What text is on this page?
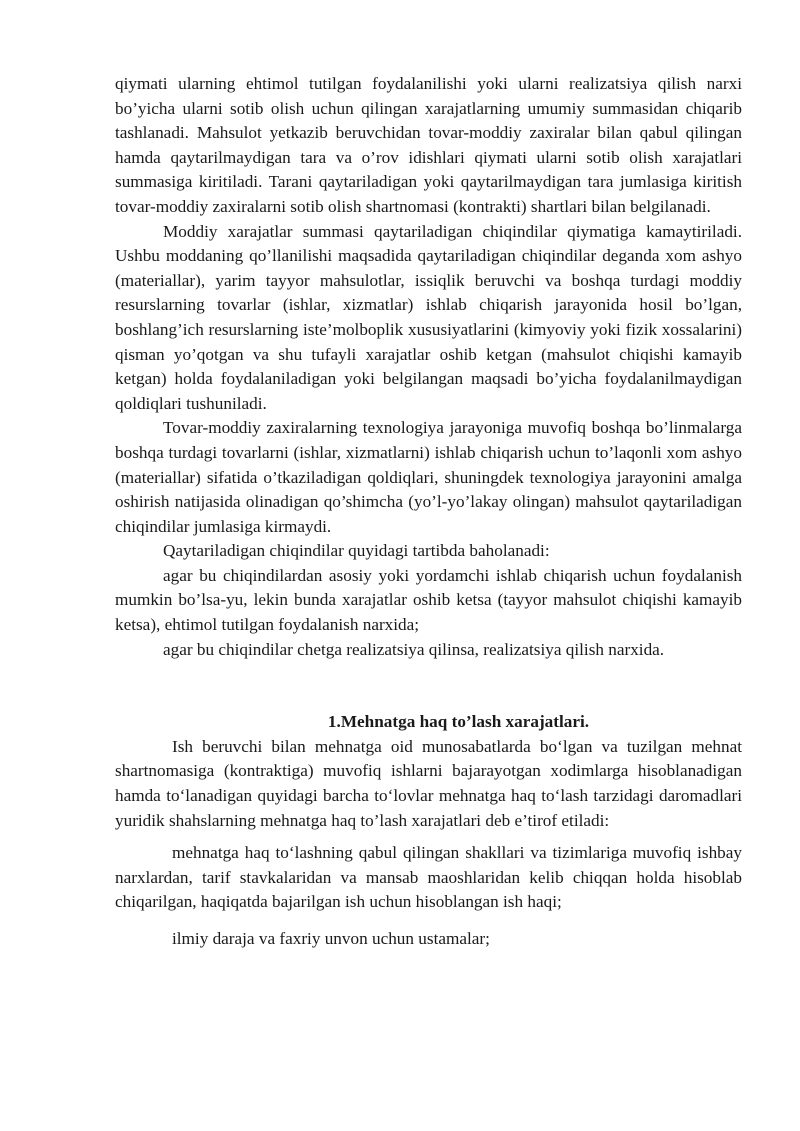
qiymati ularning ehtimol tutilgan foydalanilishi yoki ularni realizatsiya qilish narxi bo’yicha ularni sotib olish uchun qilingan xarajatlarning umumiy summasidan chiqarib tashlanadi. Mahsulot yetkazib beruvchidan tovar-moddiy zaxiralar bilan qabul qilingan hamda qaytarilmaydigan tara va o’rov idishlari qiymati ularni sotib olish xarajatlari summasiga kiritiladi. Tarani qaytariladigan yoki qaytarilmaydigan tara jumlasiga kiritish tovar-moddiy zaxiralarni sotib olish shartnomasi (kontrakti) shartlari bilan belgilanadi.

Moddiy xarajatlar summasi qaytariladigan chiqindilar qiymatiga kamaytiriladi. Ushbu moddaning qo’llanilishi maqsadida qaytariladigan chiqindilar deganda xom ashyo (materiallar), yarim tayyor mahsulotlar, issiqlik beruvchi va boshqa turdagi moddiy resurslarning tovarlar (ishlar, xizmatlar) ishlab chiqarish jarayonida hosil bo’lgan, boshlang’ich resurslarning iste’molboplik xususiyatlarini (kimyoviy yoki fizik xossalarini) qisman yo’qotgan va shu tufayli xarajatlar oshib ketgan (mahsulot chiqishi kamayib ketgan) holda foydalaniladigan yoki belgilangan maqsadi bo’yicha foydalanilmaydigan qoldiqlari tushuniladi.

Tovar-moddiy zaxiralarning texnologiya jarayoniga muvofiq boshqa bo’linmalarga boshqa turdagi tovarlarni (ishlar, xizmatlarni) ishlab chiqarish uchun to’laqonli xom ashyo (materiallar) sifatida o’tkaziladigan qoldiqlari, shuningdek texnologiya jarayonini amalga oshirish natijasida olinadigan qo’shimcha (yo’l-yo’lakay olingan) mahsulot qaytariladigan chiqindilar jumlasiga kirmaydi.

Qaytariladigan chiqindilar quyidagi tartibda baholanadi:

agar bu chiqindilardan asosiy yoki yordamchi ishlab chiqarish uchun foydalanish mumkin bo’lsa-yu, lekin bunda xarajatlar oshib ketsa (tayyor mahsulot chiqishi kamayib ketsa), ehtimol tutilgan foydalanish narxida;

agar bu chiqindilar chetga realizatsiya qilinsa, realizatsiya qilish narxida.

1.Mehnatga haq to’lash xarajatlari.

Ish beruvchi bilan mehnatga oid munosabatlarda bo‘lgan va tuzilgan mehnat shartnomasiga (kontraktiga) muvofiq ishlarni bajarayotgan xodimlarga hisoblanadigan hamda to‘lanadigan quyidagi barcha to‘lovlar mehnatga haq to‘lash tarzidagi daromadlari yuridik shahslarning mehnatga haq to’lash xarajatlari deb e’tirof etiladi:

mehnatga haq to‘lashning qabul qilingan shakllari va tizimlariga muvofiq ishbay narxlardan, tarif stavkalaridan va mansab maoshlaridan kelib chiqqan holda hisoblab chiqarilgan, haqiqatda bajarilgan ish uchun hisoblangan ish haqi;

ilmiy daraja va faxriy unvon uchun ustamalar;
